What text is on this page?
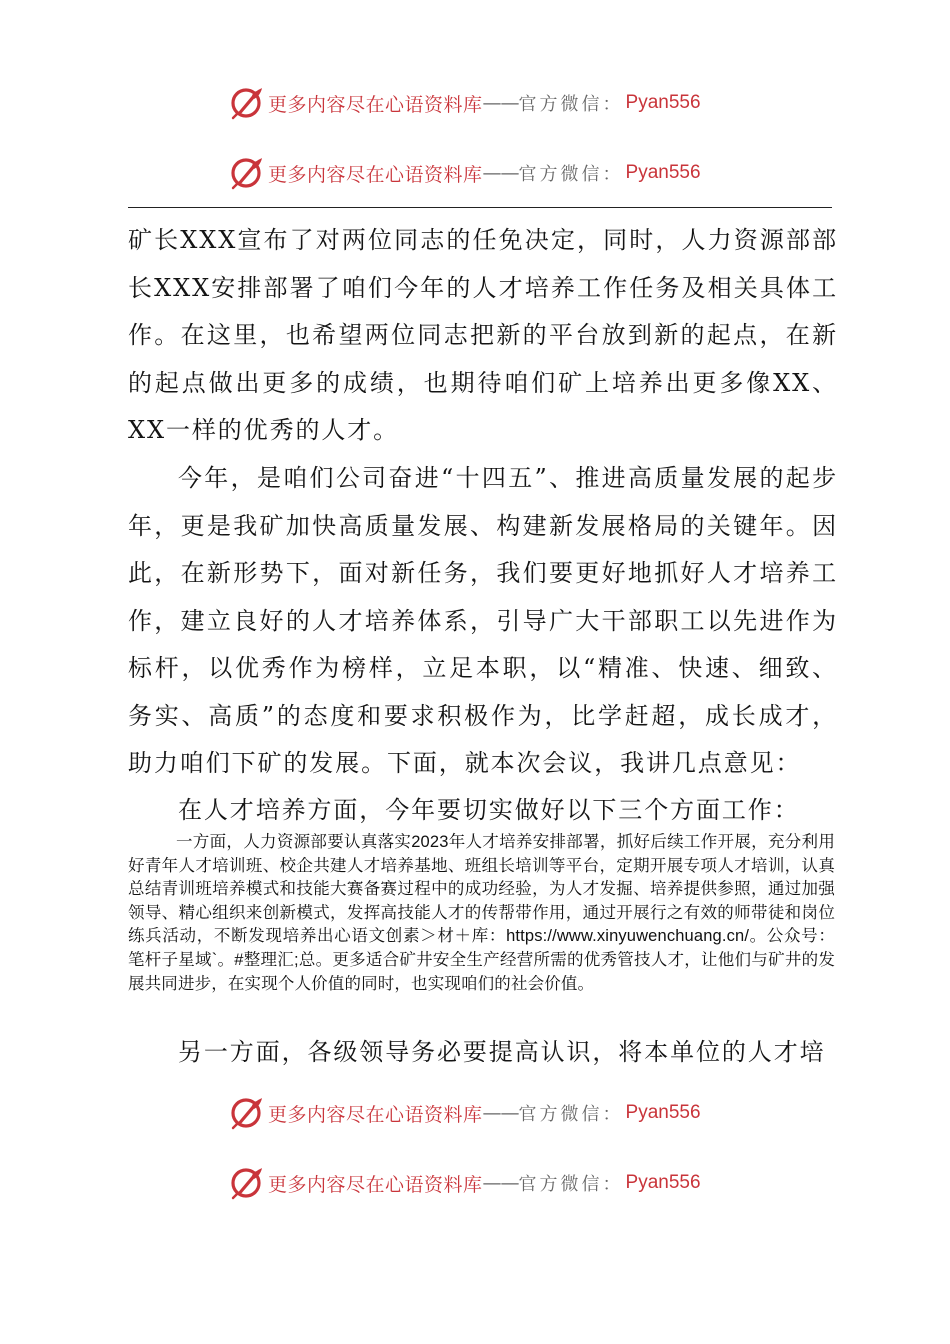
更多内容尽在心语资料库 —— 官方微信： Pyan556
更多内容尽在心语资料库 —— 官方微信： Pyan556

矿长XXX宣布了对两位同志的任免决定，同时，人力资源部部长XXX安排部署了咱们今年的人才培养工作任务及相关具体工作。在这里，也希望两位同志把新的平台放到新的起点，在新的起点做出更多的成绩，也期待咱们矿上培养出更多像XX、XX一样的优秀的人才。

今年，是咱们公司奋进“十四五”、推进高质量发展的起步年，更是我矿加快高质量发展、构建新发展格局的关键年。因此，在新形势下，面对新任务，我们要更好地抓好人才培养工作，建立良好的人才培养体系，引导广大干部职工以先进作为标杆，以优秀作为榜样，立足本职，以“精准、快速、细致、务实、高质”的态度和要求积极作为，比学赶超，成长成才，助力咱们下矿的发展。下面，就本次会议，我讲几点意见：

在人才培养方面，今年要切实做好以下三个方面工作：

一方面，人力资源部要认真落实2023年人才培养安排部署，抓好后续工作开展，充分利用好青年人才培训班、校企共建人才培养基地、班组长培训等平台，定期开展专项人才培训，认真总结青训班培养模式和技能大赛备赛过程中的成功经验，为人才发掘、培养提供参照，通过加强领导、精心组织来创新模式，发挥高技能人才的传帮带作用，通过开展行之有效的师带徒和岗位练兵活动，不断发现培养出心语文创素＞材＋库：https://www.xinyuwenchuang.cn/。公众号：笔杆子星域`。#整理汇;总。更多适合矿井安全生产经营所需的优秀管技人才，让他们与矿井的发展共同进步，在实现个人价值的同时，也实现咱们的社会价值。

另一方面，各级领导务必要提高认识，将本单位的人才培

更多内容尽在心语资料库 —— 官方微信： Pyan556
更多内容尽在心语资料库 —— 官方微信： Pyan556
